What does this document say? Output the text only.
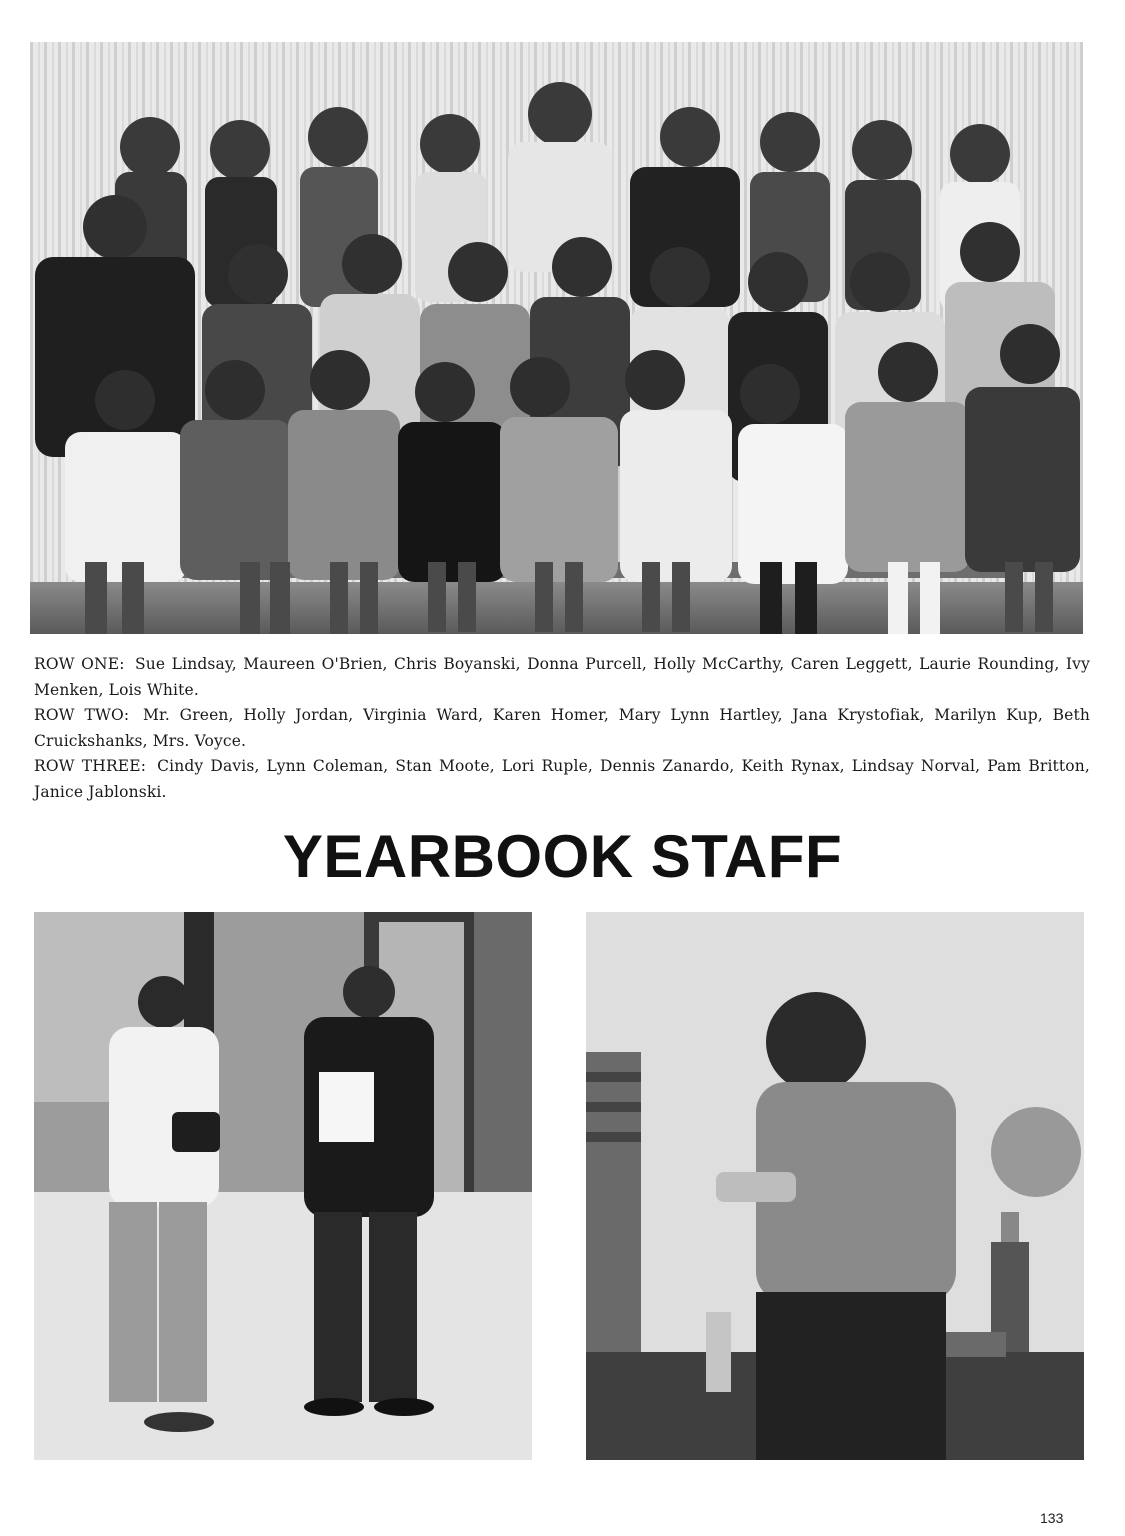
ROW ONE: Sue Lindsay, Maureen O'Brien, Chris Boyanski, Donna Purcell, Holly McCarthy, Caren Leggett, Laurie Rounding, Ivy Menken, Lois White.

ROW TWO: Mr. Green, Holly Jordan, Virginia Ward, Karen Homer, Mary Lynn Hartley, Jana Krystofiak, Marilyn Kup, Beth Cruickshanks, Mrs. Voyce.

ROW THREE: Cindy Davis, Lynn Coleman, Stan Moote, Lori Ruple, Dennis Zanardo, Keith Rynax, Lindsay Norval, Pam Britton, Janice Jablonski.

YEARBOOK STAFF
133
